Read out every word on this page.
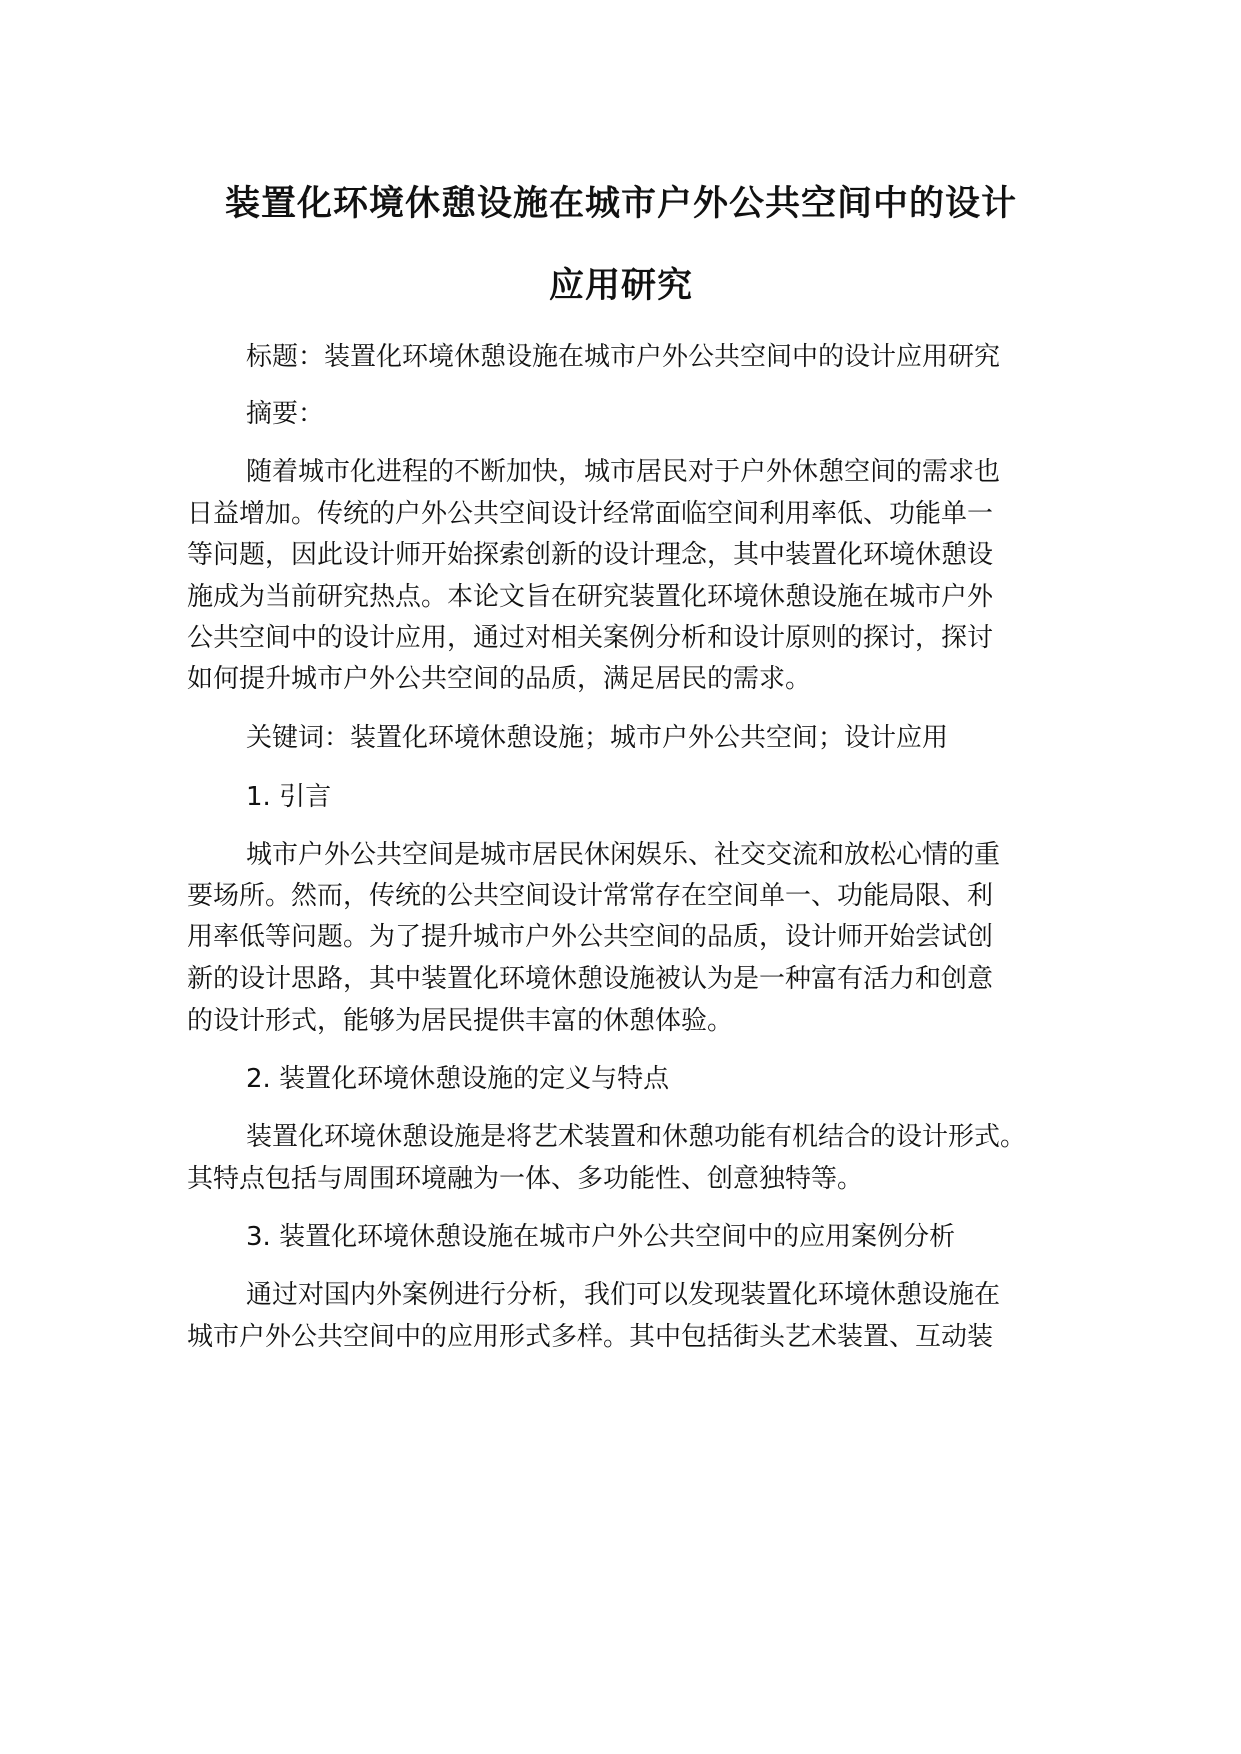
装置化环境休憩设施在城市户外公共空间中的设计
应用研究

标题：装置化环境休憩设施在城市户外公共空间中的设计应用研究

摘要：

随着城市化进程的不断加快，城市居民对于户外休憩空间的需求也

日益增加。传统的户外公共空间设计经常面临空间利用率低、功能单一

等问题，因此设计师开始探索创新的设计理念，其中装置化环境休憩设

施成为当前研究热点。本论文旨在研究装置化环境休憩设施在城市户外

公共空间中的设计应用，通过对相关案例分析和设计原则的探讨，探讨

如何提升城市户外公共空间的品质，满足居民的需求。

关键词：装置化环境休憩设施；城市户外公共空间；设计应用

1. 引言

城市户外公共空间是城市居民休闲娱乐、社交交流和放松心情的重

要场所。然而，传统的公共空间设计常常存在空间单一、功能局限、利

用率低等问题。为了提升城市户外公共空间的品质，设计师开始尝试创

新的设计思路，其中装置化环境休憩设施被认为是一种富有活力和创意

的设计形式，能够为居民提供丰富的休憩体验。

2. 装置化环境休憩设施的定义与特点

装置化环境休憩设施是将艺术装置和休憩功能有机结合的设计形式。

其特点包括与周围环境融为一体、多功能性、创意独特等。

3. 装置化环境休憩设施在城市户外公共空间中的应用案例分析

通过对国内外案例进行分析，我们可以发现装置化环境休憩设施在

城市户外公共空间中的应用形式多样。其中包括街头艺术装置、互动装
